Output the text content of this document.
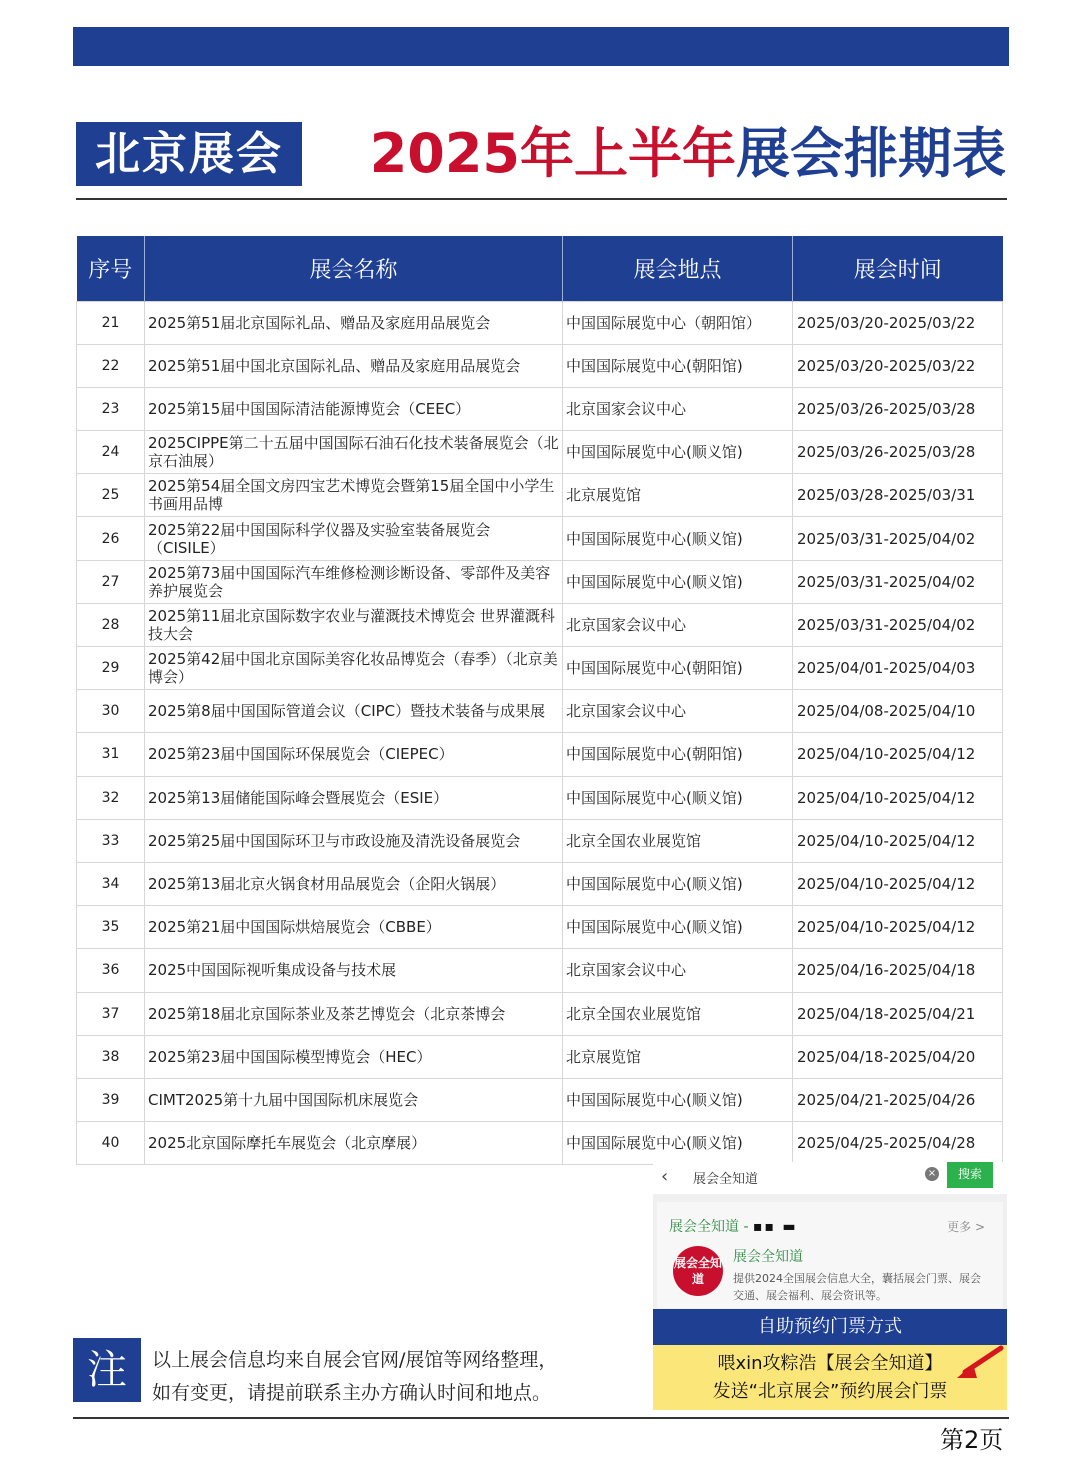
北京展会	2025年上半年展会排期表
序号	展会名称	展会地点	展会时间
21	2025第51届北京国际礼品、赠品及家庭用品展览会	中国国际展览中心（朝阳馆）	2025/03/20-2025/03/22
22	2025第51届中国北京国际礼品、赠品及家庭用品展览会	中国国际展览中心(朝阳馆)	2025/03/20-2025/03/22
23	2025第15届中国国际清洁能源博览会（CEEC）	北京国家会议中心	2025/03/26-2025/03/28
24	2025CIPPE第二十五届中国国际石油石化技术装备展览会（北京石油展）	中国国际展览中心(顺义馆)	2025/03/26-2025/03/28
25	2025第54届全国文房四宝艺术博览会暨第15届全国中小学生书画用品博	北京展览馆	2025/03/28-2025/03/31
26	2025第22届中国国际科学仪器及实验室装备展览会（CISILE）	中国国际展览中心(顺义馆)	2025/03/31-2025/04/02
27	2025第73届中国国际汽车维修检测诊断设备、零部件及美容养护展览会	中国国际展览中心(顺义馆)	2025/03/31-2025/04/02
28	2025第11届北京国际数字农业与灌溉技术博览会 世界灌溉科技大会	北京国家会议中心	2025/03/31-2025/04/02
29	2025第42届中国北京国际美容化妆品博览会（春季）（北京美博会）	中国国际展览中心(朝阳馆)	2025/04/01-2025/04/03
30	2025第8届中国国际管道会议（CIPC）暨技术装备与成果展	北京国家会议中心	2025/04/08-2025/04/10
31	2025第23届中国国际环保展览会（CIEPEC）	中国国际展览中心(朝阳馆)	2025/04/10-2025/04/12
32	2025第13届储能国际峰会暨展览会（ESIE）	中国国际展览中心(顺义馆)	2025/04/10-2025/04/12
33	2025第25届中国国际环卫与市政设施及清洗设备展览会	北京全国农业展览馆	2025/04/10-2025/04/12
34	2025第13届北京火锅食材用品展览会（企阳火锅展）	中国国际展览中心(顺义馆)	2025/04/10-2025/04/12
35	2025第21届中国国际烘焙展览会（CBBE）	中国国际展览中心(顺义馆)	2025/04/10-2025/04/12
36	2025中国国际视听集成设备与技术展	北京国家会议中心	2025/04/16-2025/04/18
37	2025第18届北京国际茶业及茶艺博览会（北京茶博会	北京全国农业展览馆	2025/04/18-2025/04/21
38	2025第23届中国国际模型博览会（HEC）	北京展览馆	2025/04/18-2025/04/20
39	CIMT2025第十九届中国国际机床展览会	中国国际展览中心(顺义馆)	2025/04/21-2025/04/26
40	2025北京国际摩托车展览会（北京摩展）	中国国际展览中心(顺义馆)	2025/04/25-2025/04/28
‹ 展会全知道	×	搜索
展会全知道 - ▪▪ ▬	更多 >
展会全知道
展会全知道
提供2024全国展会信息大全，囊括展会门票、展会交通、展会福利、展会资讯等。
自助预约门票方式
喂xin攻粽浩【展会全知道】
发送“北京展会”预约展会门票
注	以上展会信息均来自展会官网/展馆等网络整理，
如有变更，请提前联系主办方确认时间和地点。
第2页
